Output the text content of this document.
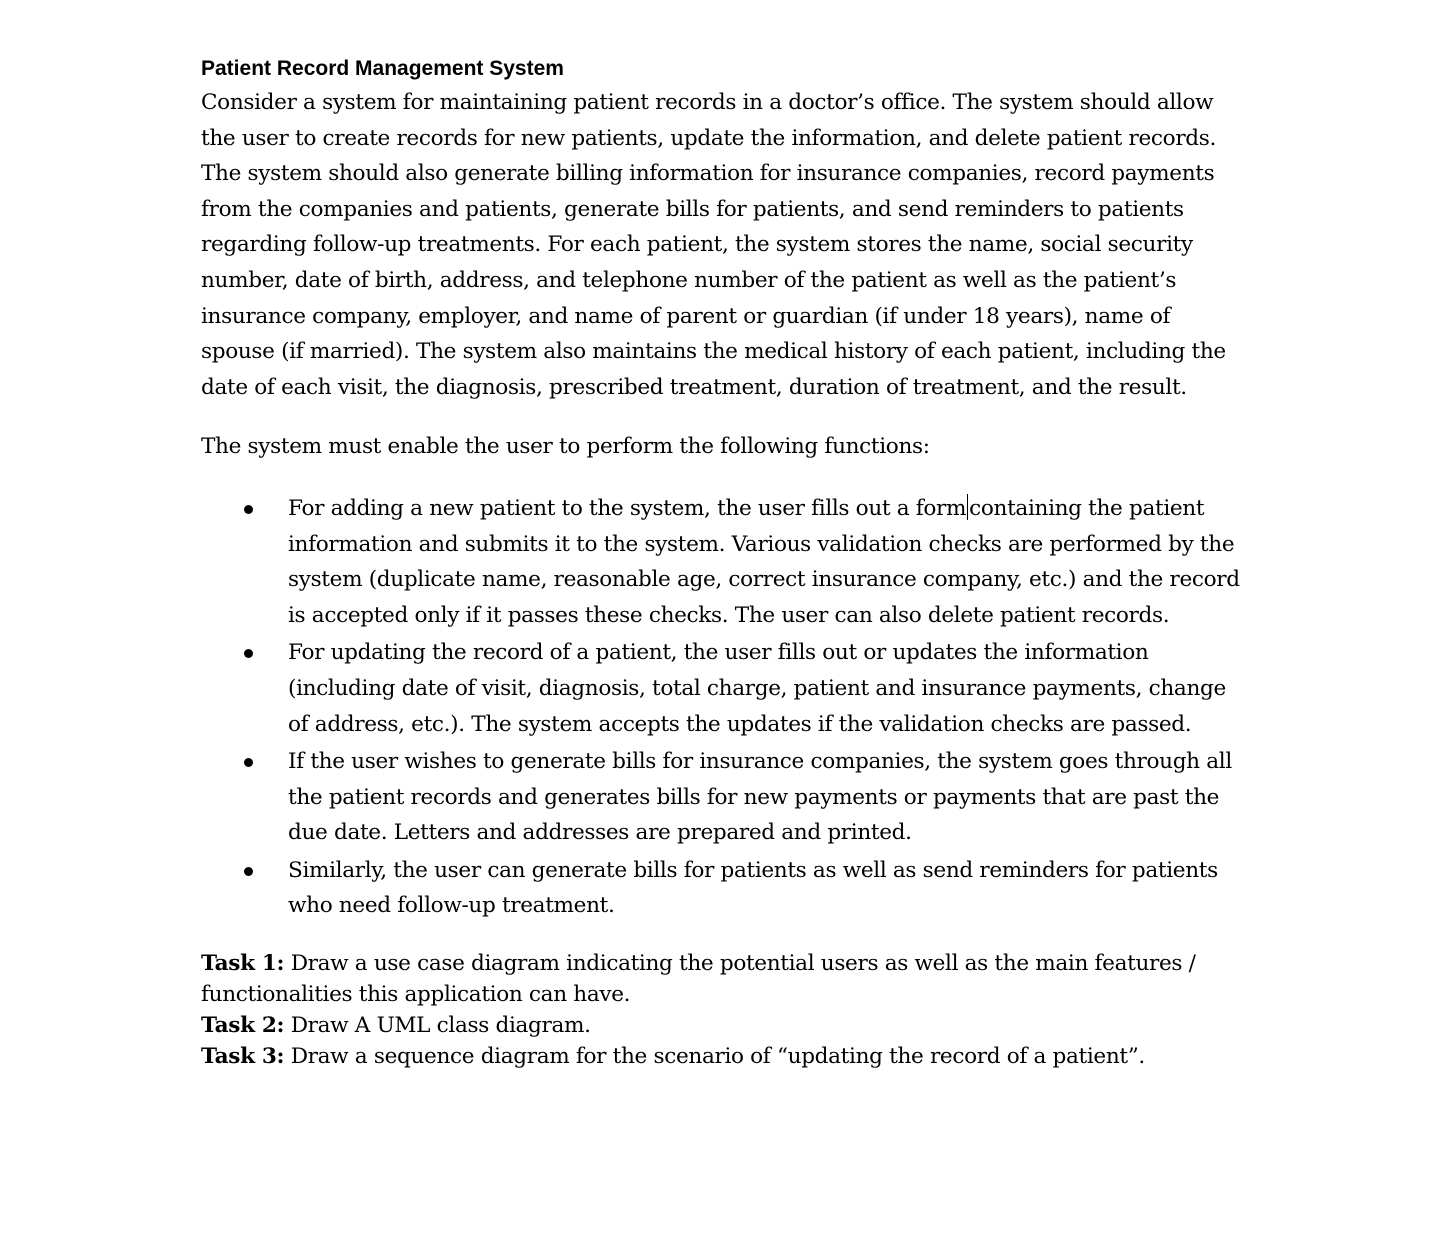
Patient Record Management System

Consider a system for maintaining patient records in a doctor’s office. The system should allow the user to create records for new patients, update the information, and delete patient records. The system should also generate billing information for insurance companies, record payments from the companies and patients, generate bills for patients, and send reminders to patients regarding follow-up treatments. For each patient, the system stores the name, social security number, date of birth, address, and telephone number of the patient as well as the patient’s insurance company, employer, and name of parent or guardian (if under 18 years), name of spouse (if married). The system also maintains the medical history of each patient, including the date of each visit, the diagnosis, prescribed treatment, duration of treatment, and the result.

The system must enable the user to perform the following functions:

For adding a new patient to the system, the user fills out a form containing the patient information and submits it to the system. Various validation checks are performed by the system (duplicate name, reasonable age, correct insurance company, etc.) and the record is accepted only if it passes these checks. The user can also delete patient records.
For updating the record of a patient, the user fills out or updates the information (including date of visit, diagnosis, total charge, patient and insurance payments, change of address, etc.). The system accepts the updates if the validation checks are passed.
If the user wishes to generate bills for insurance companies, the system goes through all the patient records and generates bills for new payments or payments that are past the due date. Letters and addresses are prepared and printed.
Similarly, the user can generate bills for patients as well as send reminders for patients who need follow-up treatment.

Task 1: Draw a use case diagram indicating the potential users as well as the main features / functionalities this application can have.

Task 2: Draw A UML class diagram.

Task 3: Draw a sequence diagram for the scenario of “updating the record of a patient”.
